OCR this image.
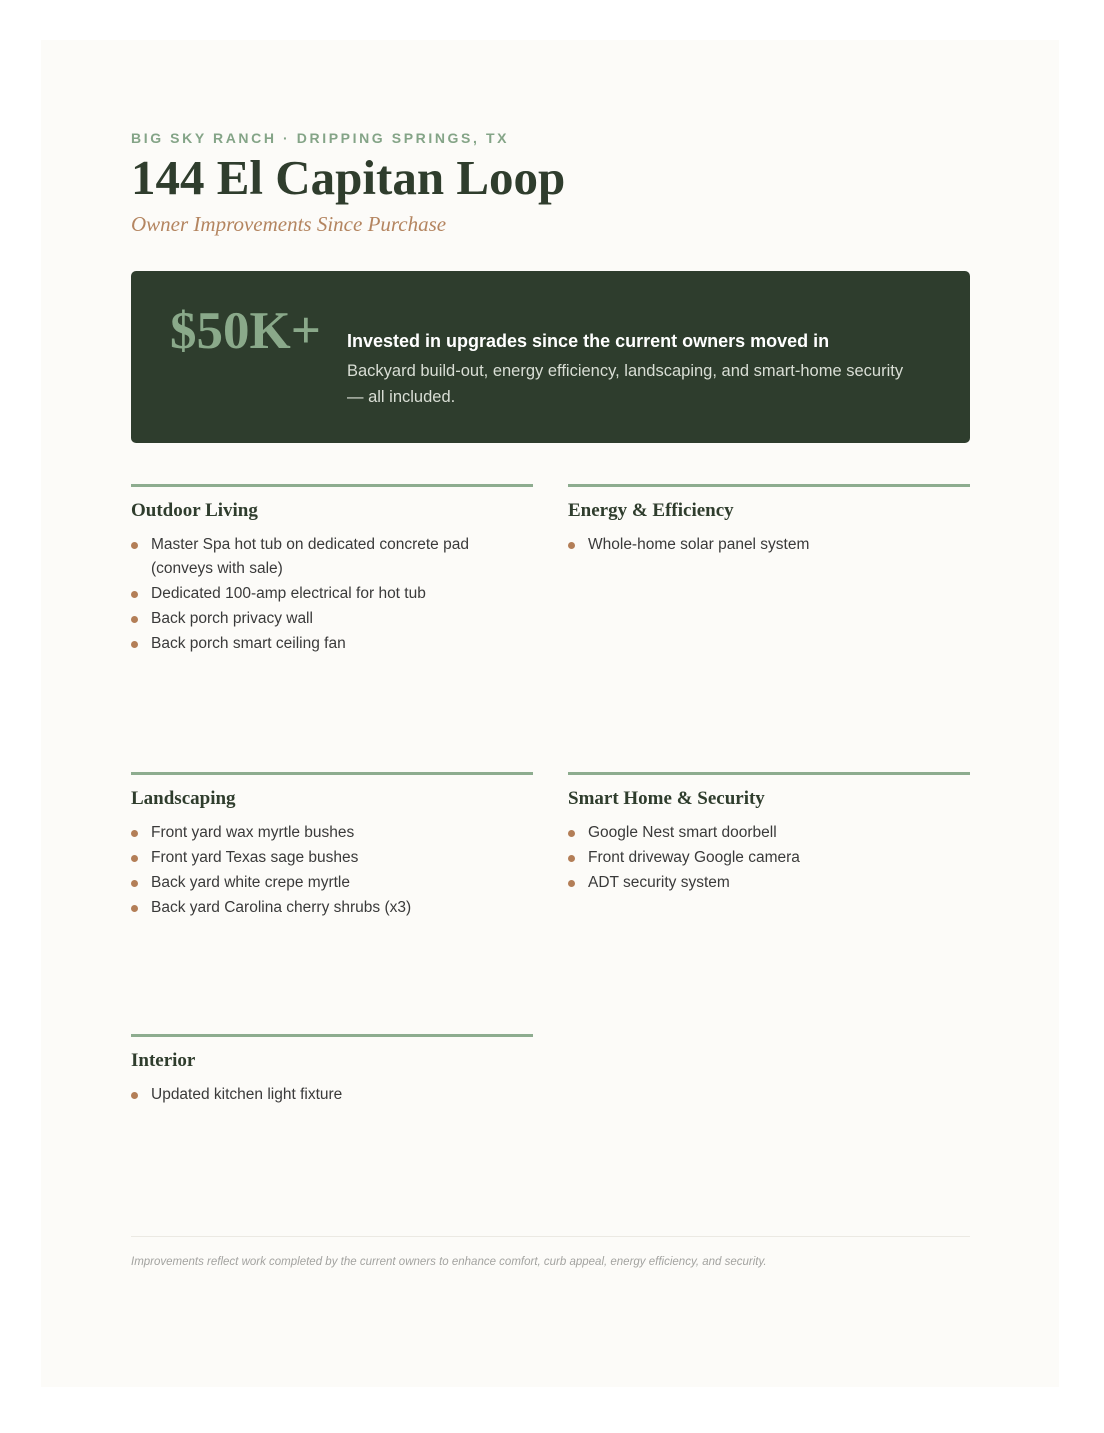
BIG SKY RANCH · DRIPPING SPRINGS, TX
144 El Capitan Loop
Owner Improvements Since Purchase
$50K+ Invested in upgrades since the current owners moved in
Backyard build-out, energy efficiency, landscaping, and smart-home security — all included.
Outdoor Living
Master Spa hot tub on dedicated concrete pad (conveys with sale)
Dedicated 100-amp electrical for hot tub
Back porch privacy wall
Back porch smart ceiling fan
Energy & Efficiency
Whole-home solar panel system
Landscaping
Front yard wax myrtle bushes
Front yard Texas sage bushes
Back yard white crepe myrtle
Back yard Carolina cherry shrubs (x3)
Smart Home & Security
Google Nest smart doorbell
Front driveway Google camera
ADT security system
Interior
Updated kitchen light fixture
Improvements reflect work completed by the current owners to enhance comfort, curb appeal, energy efficiency, and security.
